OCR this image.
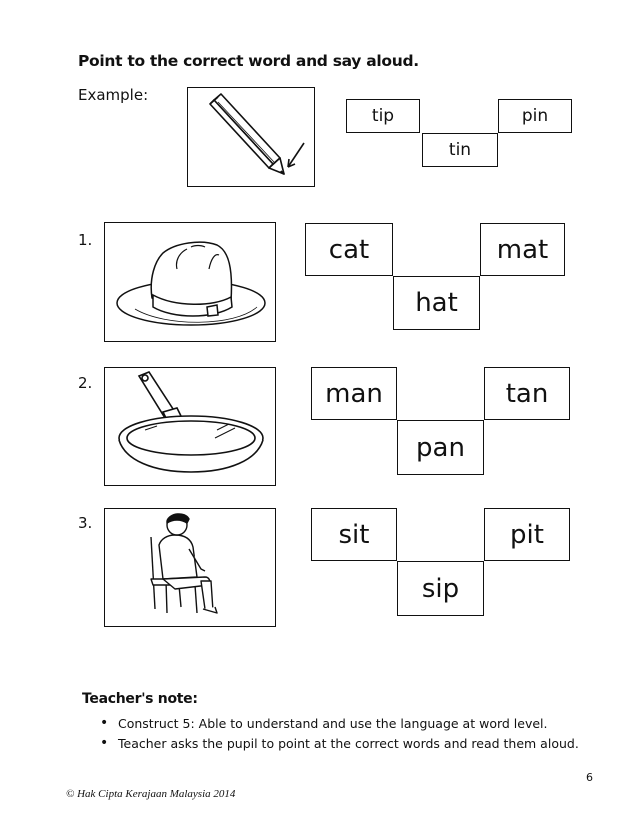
Point to the correct word and say aloud.
Example:
tip	pin
tin
1.	cat	mat
hat
2.	man	tan
pan
3.	sit	pit
sip
Teacher's note:
• Construct 5: Able to understand and use the language at word level.
• Teacher asks the pupil to point at the correct words and read them aloud.
6
© Hak Cipta Kerajaan Malaysia 2014
